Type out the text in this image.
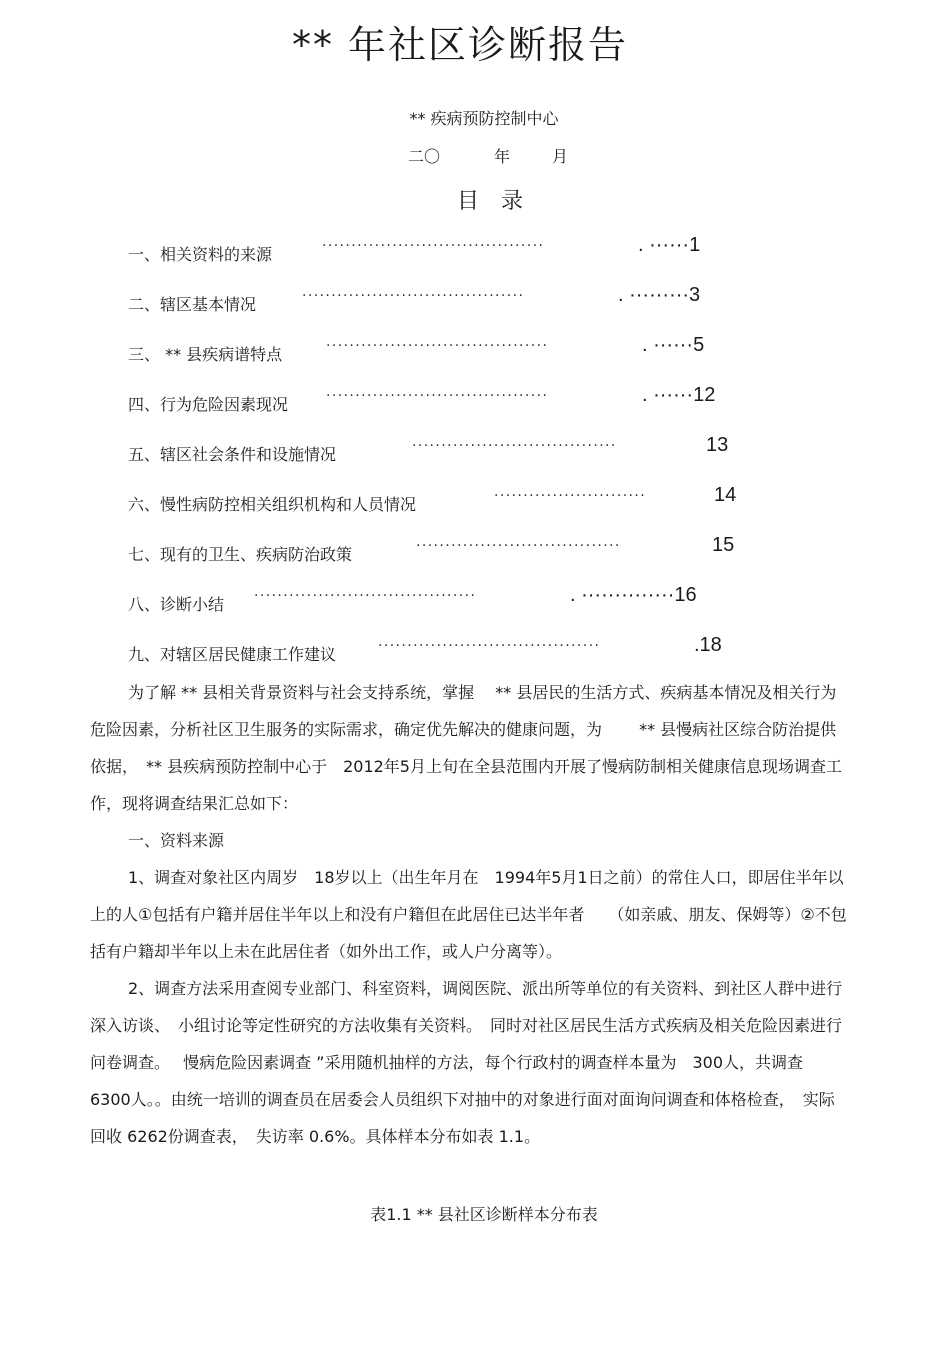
** 年社区诊断报告
** 疾病预防控制中心
二〇	年	月
目　录
一、相关资料的来源	······································	. ······1
二、辖区基本情况	······································	. ·········3
三、 ** 县疾病谱特点	······································	. ······5
四、行为危险因素现况	······································	. ······12
五、辖区社会条件和设施情况	···································	13
六、慢性病防控相关组织机构和人员情况	··························	14
七、现有的卫生、疾病防治政策	···································	15
八、诊断小结 ······································	. ··············16
九、对辖区居民健康工作建议	······································	.18

为了解 ** 县相关背景资料与社会支持系统，掌握　 ** 县居民的生活方式、疾病基本情况及相关行为危险因素，分析社区卫生服务的实际需求，确定优先解决的健康问题，为　　 ** 县慢病社区综合防治提供依据，　** 县疾病预防控制中心于　2012年5月上旬在全县范围内开展了慢病防制相关健康信息现场调查工作，现将调查结果汇总如下：

一、资料来源

1、调查对象社区内周岁　18岁以上（出生年月在　1994年5月1日之前）的常住人口，即居住半年以上的人①包括有户籍并居住半年以上和没有户籍但在此居住已达半年者　　（如亲戚、朋友、保姆等）②不包括有户籍却半年以上未在此居住者（如外出工作，或人户分离等）。

2、调查方法采用查阅专业部门、科室资料，调阅医院、派出所等单位的有关资料、到社区人群中进行深入访谈、　小组讨论等定性研究的方法收集有关资料。　同时对社区居民生活方式疾病及相关危险因素进行问卷调查。　 慢病危险因素调查 ”采用随机抽样的方法，每个行政村的调查样本量为　300人，共调查　6300人。。由统一培训的调查员在居委会人员组织下对抽中的对象进行面对面询问调查和体格检查，　实际回收 6262份调查表，　失访率 0.6%。具体样本分布如表 1.1。

表1.1 ** 县社区诊断样本分布表
